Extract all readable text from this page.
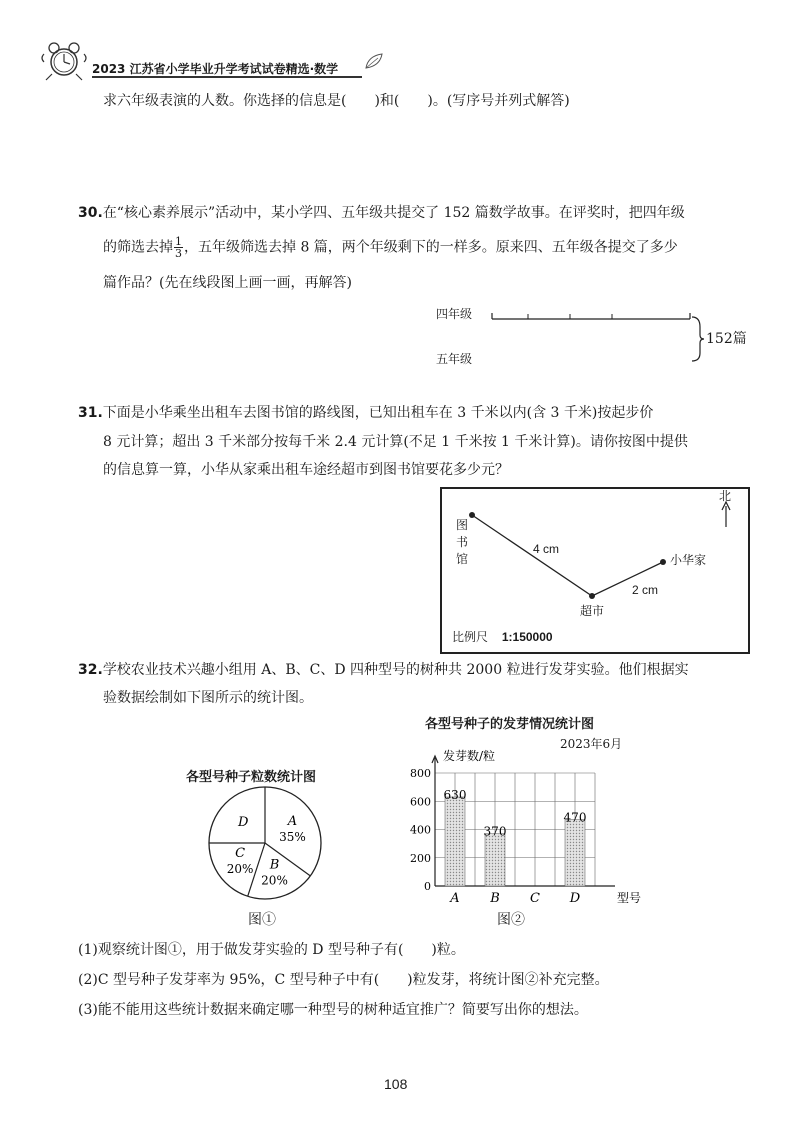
2023 江苏省小学毕业升学考试试卷精选·数学
求六年级表演的人数。你选择的信息是(　　)和(　　)。(写序号并列式解答)
30.在“核心素养展示”活动中，某小学四、五年级共提交了 152 篇数学故事。在评奖时，把四年级
的筛选去掉 $\frac{1}{3}$ ，五年级筛选去掉 8 篇，两个年级剩下的一样多。原来四、五年级各提交了多少
篇作品？(先在线段图上画一画，再解答)
四年级
五年级
152篇
31.下面是小华乘坐出租车去图书馆的路线图，已知出租车在 3 千米以内(含 3 千米)按起步价
8 元计算；超出 3 千米部分按每千米 2.4 元计算(不足 1 千米按 1 千米计算)。请你按图中提供
的信息算一算，小华从家乘出租车途经超市到图书馆要花多少元？
图书馆
超市
小华家
4 cm
2 cm
北
比例尺 1:150000
32.学校农业技术兴趣小组用 A、B、C、D 四种型号的树种共 2000 粒进行发芽实验。他们根据实
验数据绘制如下图所示的统计图。
各型号种子粒数统计图
A
35%
B
20%
C
20%
D
图①
各型号种子的发芽情况统计图
2023年6月
0
200
400
600
800
发芽数/粒
型号
630
A
370
B C
470
D
图②
(1)观察统计图①，用于做发芽实验的 D 型号种子有(　　)粒。
(2)C 型号种子发芽率为 95%，C 型号种子中有(　　)粒发芽，将统计图②补充完整。
(3)能不能用这些统计数据来确定哪一种型号的树种适宜推广？简要写出你的想法。
108
